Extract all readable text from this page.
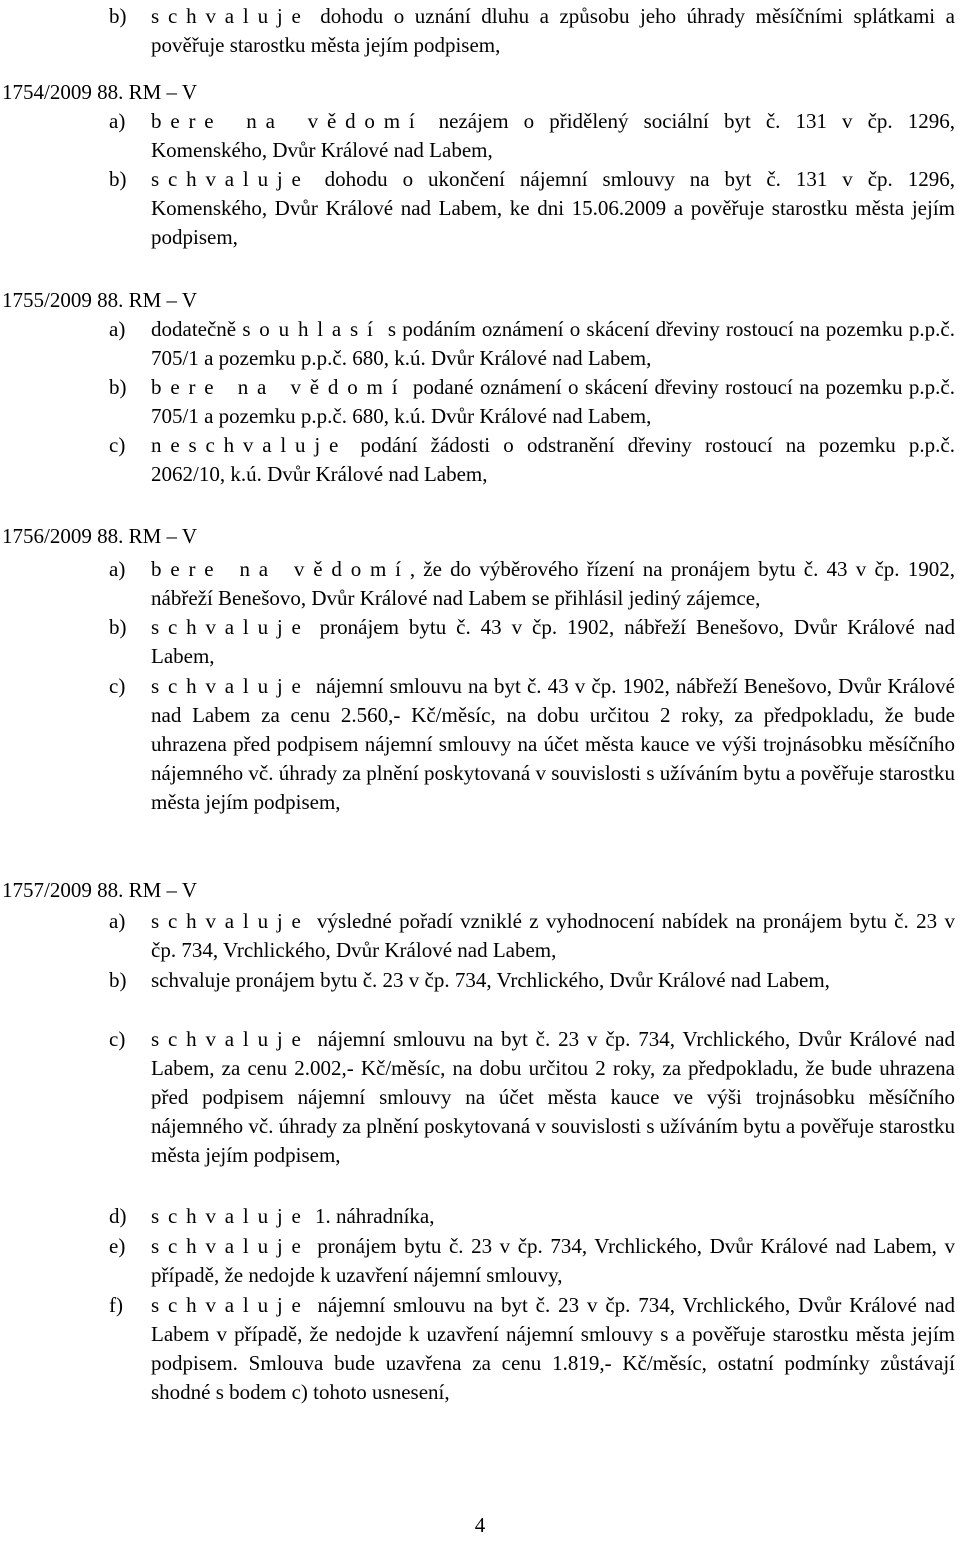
b)	schvaluje dohodu o uznání dluhu a způsobu jeho úhrady měsíčními splátkami a pověřuje starostku města jejím podpisem,
1754/2009 88. RM – V
a)	bere na vědomí nezájem o přidělený sociální byt č. 131 v čp. 1296, Komenského, Dvůr Králové nad Labem,
b)	schvaluje dohodu o ukončení nájemní smlouvy na byt č. 131 v čp. 1296, Komenského, Dvůr Králové nad Labem, ke dni 15.06.2009 a pověřuje starostku města jejím podpisem,
1755/2009 88. RM – V
a)	dodatečně souhlasí s podáním oznámení o skácení dřeviny rostoucí na pozemku p.p.č. 705/1 a pozemku p.p.č. 680, k.ú. Dvůr Králové nad Labem,
b)	bere na vědomí podané oznámení o skácení dřeviny rostoucí na pozemku p.p.č. 705/1 a pozemku p.p.č. 680, k.ú. Dvůr Králové nad Labem,
c)	neschvaluje podání žádosti o odstranění dřeviny rostoucí na pozemku p.p.č. 2062/10, k.ú. Dvůr Králové nad Labem,
1756/2009 88. RM – V
a)	bere na vědomí, že do výběrového řízení na pronájem bytu č. 43 v čp. 1902, nábřeží Benešovo, Dvůr Králové nad Labem se přihlásil jediný zájemce,
b)	schvaluje pronájem bytu č. 43 v čp. 1902, nábřeží Benešovo, Dvůr Králové nad Labem,
c)	schvaluje nájemní smlouvu na byt č. 43 v čp. 1902, nábřeží Benešovo, Dvůr Králové nad Labem za cenu 2.560,- Kč/měsíc, na dobu určitou 2 roky, za předpokladu, že bude uhrazena před podpisem nájemní smlouvy na účet města kauce ve výši trojnásobku měsíčního nájemného vč. úhrady za plnění poskytovaná v souvislosti s užíváním bytu a pověřuje starostku města jejím podpisem,
1757/2009 88. RM – V
a)	schvaluje výsledné pořadí vzniklé z vyhodnocení nabídek na pronájem bytu č. 23 v čp. 734, Vrchlického, Dvůr Králové nad Labem,
b)	schvaluje pronájem bytu č. 23 v čp. 734, Vrchlického, Dvůr Králové nad Labem,
c)	schvaluje nájemní smlouvu na byt č. 23 v čp. 734, Vrchlického, Dvůr Králové nad Labem, za cenu 2.002,- Kč/měsíc, na dobu určitou 2 roky, za předpokladu, že bude uhrazena před podpisem nájemní smlouvy na účet města kauce ve výši trojnásobku měsíčního nájemného vč. úhrady za plnění poskytovaná v souvislosti s užíváním bytu a pověřuje starostku města jejím podpisem,
d)	schvaluje 1. náhradníka,
e)	schvaluje pronájem bytu č. 23 v čp. 734, Vrchlického, Dvůr Králové nad Labem, v případě, že nedojde k uzavření nájemní smlouvy,
f)	schvaluje nájemní smlouvu na byt č. 23 v čp. 734, Vrchlického, Dvůr Králové nad Labem v případě, že nedojde k uzavření nájemní smlouvy s a pověřuje starostku města jejím podpisem. Smlouva bude uzavřena za cenu 1.819,- Kč/měsíc, ostatní podmínky zůstávají shodné s bodem c) tohoto usnesení,
4
